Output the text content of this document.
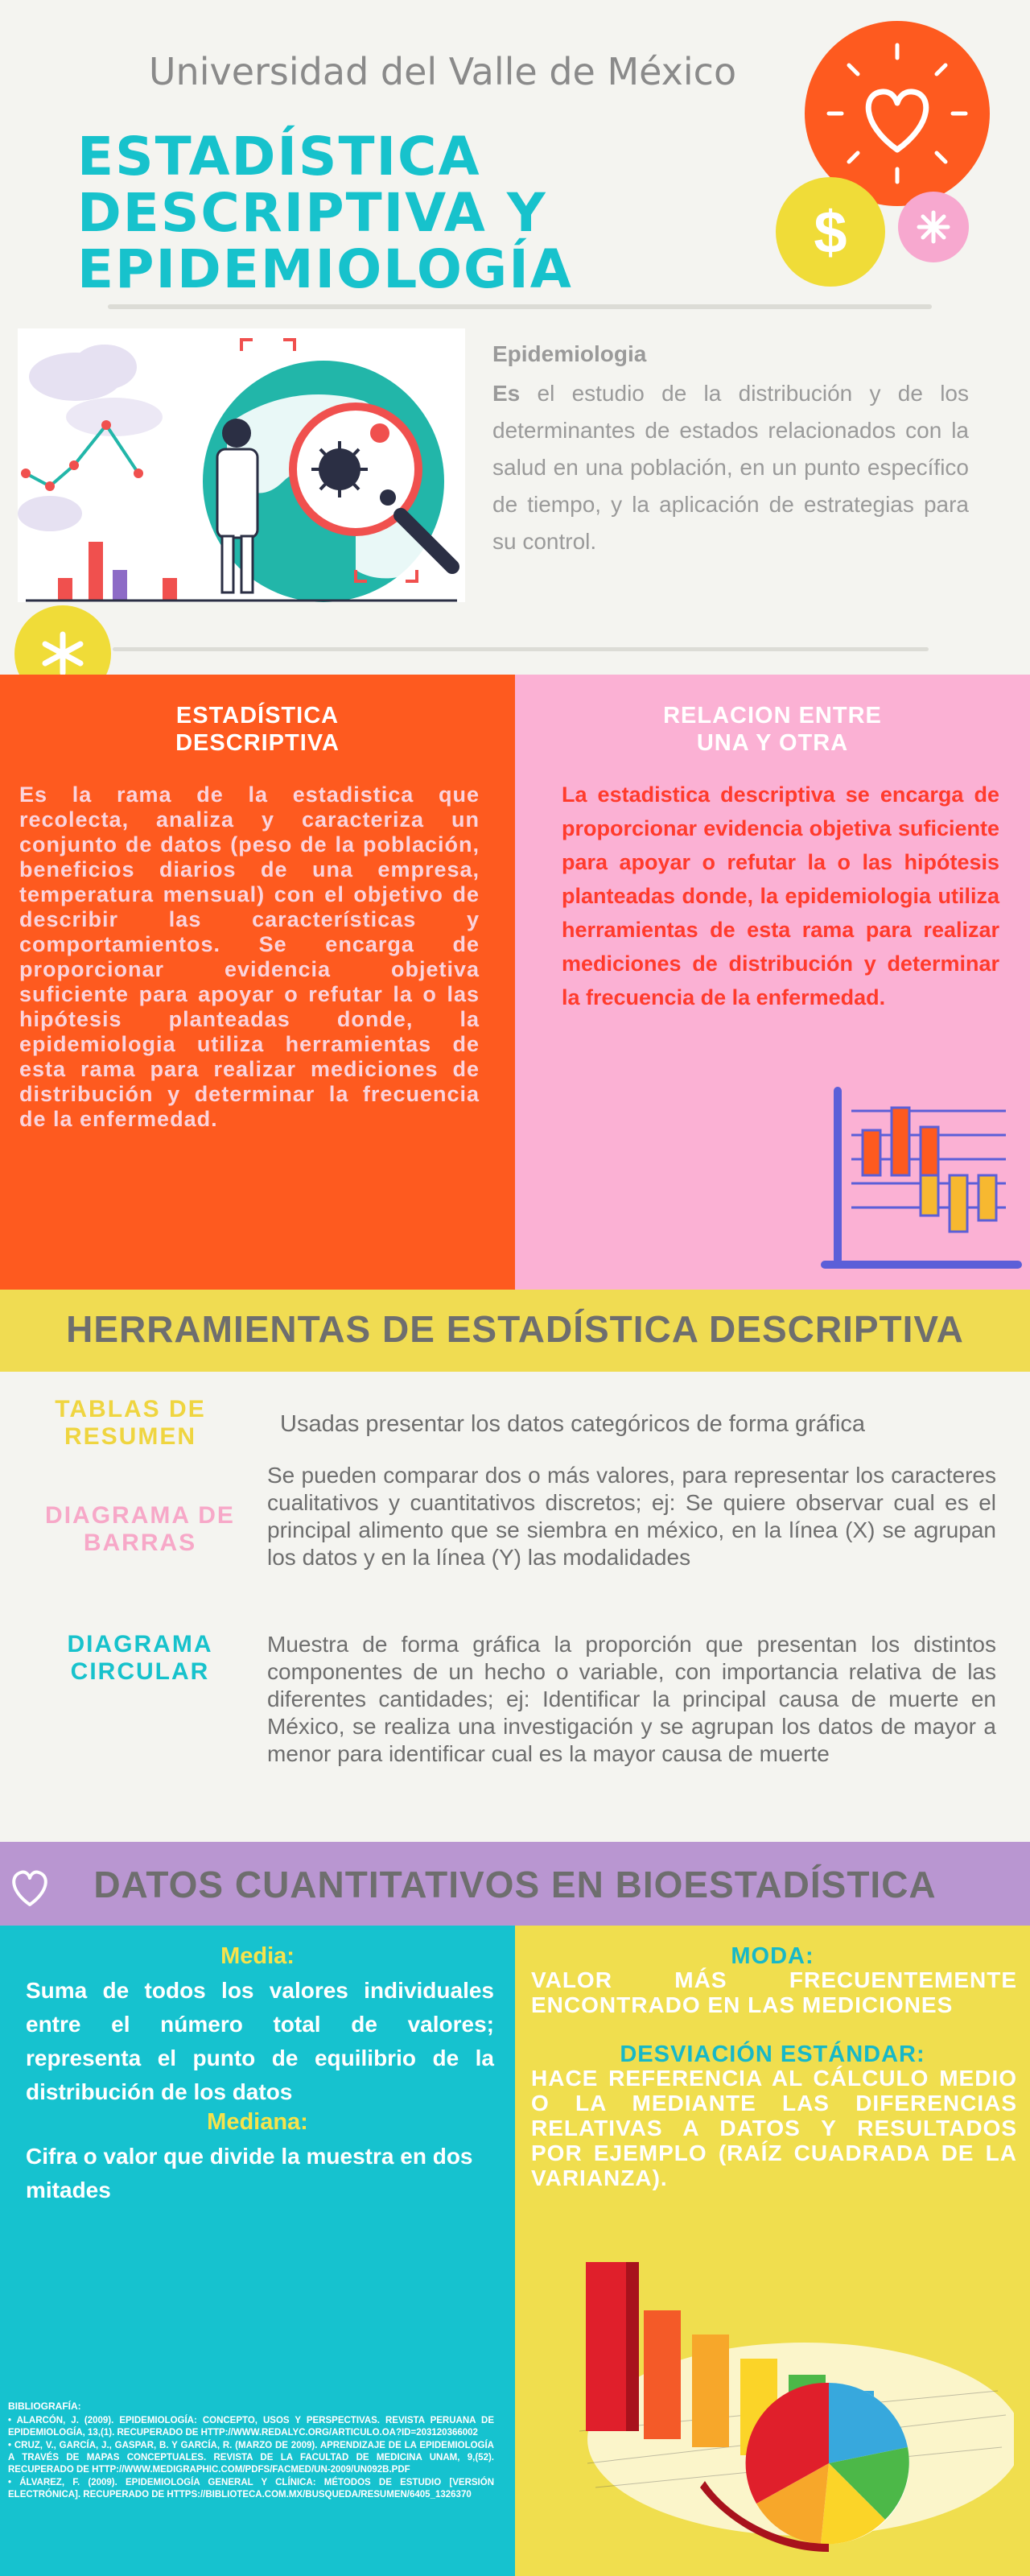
Universidad del Valle de México
ESTADÍSTICA
DESCRIPTIVA Y
EPIDEMIOLOGÍA
$
Epidemiologia
Es el estudio de la distribución y de los determinantes de estados relacionados con la salud en una población, en un punto específico de tiempo, y la aplicación de estrategias para su control.
ESTADÍSTICA
DESCRIPTIVA
Es la rama de la estadistica que recolecta, analiza y caracteriza un conjunto de datos (peso de la población, beneficios diarios de una empresa, temperatura mensual) con el objetivo de describir las características y comportamientos. Se encarga de proporcionar evidencia objetiva suficiente para apoyar o refutar la o las hipótesis planteadas donde, la epidemiologia utiliza herramientas de esta rama para realizar mediciones de distribución y determinar la frecuencia de la enfermedad.
RELACION ENTRE
UNA Y OTRA
La estadistica descriptiva se encarga de proporcionar evidencia objetiva suficiente para apoyar o refutar la o las hipótesis planteadas donde, la epidemiologia utiliza herramientas de esta rama para realizar mediciones de distribución y determinar la frecuencia de la enfermedad.
HERRAMIENTAS DE ESTADÍSTICA DESCRIPTIVA
TABLAS DE
RESUMEN	Usadas presentar los datos categóricos de forma gráfica
DIAGRAMA DE
BARRAS
Se pueden comparar dos o más valores, para representar los caracteres cualitativos y cuantitativos discretos; ej: Se quiere observar cual es el principal alimento que se siembra en méxico, en la línea (X) se agrupan los datos y en la línea (Y) las modalidades
DIAGRAMA
CIRCULAR
Muestra de forma gráfica la proporción que presentan los distintos componentes de un hecho o variable, con importancia relativa de las diferentes cantidades; ej: Identificar la principal causa de muerte en México, se realiza una investigación y se agrupan los datos de mayor a menor para identificar cual es la mayor causa de muerte
DATOS CUANTITATIVOS EN BIOESTADÍSTICA
Media:
Suma de todos los valores individuales entre el número total de valores; representa el punto de equilibrio de la distribución de los datos
Mediana:
Cifra o valor que divide la muestra en dos mitades
MODA:
VALOR MÁS FRECUENTEMENTE ENCONTRADO EN LAS MEDICIONES
DESVIACIÓN ESTÁNDAR:
HACE REFERENCIA AL CÁLCULO MEDIO O LA MEDIANTE LAS DIFERENCIAS RELATIVAS A DATOS Y RESULTADOS POR EJEMPLO (RAÍZ CUADRADA DE LA VARIANZA).
BIBLIOGRAFÍA:
• ALARCÓN, J. (2009). EPIDEMIOLOGÍA: CONCEPTO, USOS Y PERSPECTIVAS. REVISTA PERUANA DE EPIDEMIOLOGÍA, 13,(1). RECUPERADO DE HTTP://WWW.REDALYC.ORG/ARTICULO.OA?ID=203120366002
• CRUZ, V., GARCÍA, J., GASPAR, B. Y GARCÍA, R. (MARZO DE 2009). APRENDIZAJE DE LA EPIDEMIOLOGÍA A TRAVÉS DE MAPAS CONCEPTUALES. REVISTA DE LA FACULTAD DE MEDICINA UNAM, 9,(52). RECUPERADO DE HTTP://WWW.MEDIGRAPHIC.COM/PDFS/FACMED/UN-2009/UN092B.PDF
• ÁLVAREZ, F. (2009). EPIDEMIOLOGÍA GENERAL Y CLÍNICA: MÉTODOS DE ESTUDIO [VERSIÓN ELECTRÓNICA]. RECUPERADO DE HTTPS://BIBLIOTECA.COM.MX/BUSQUEDA/RESUMEN/6405_1326370
